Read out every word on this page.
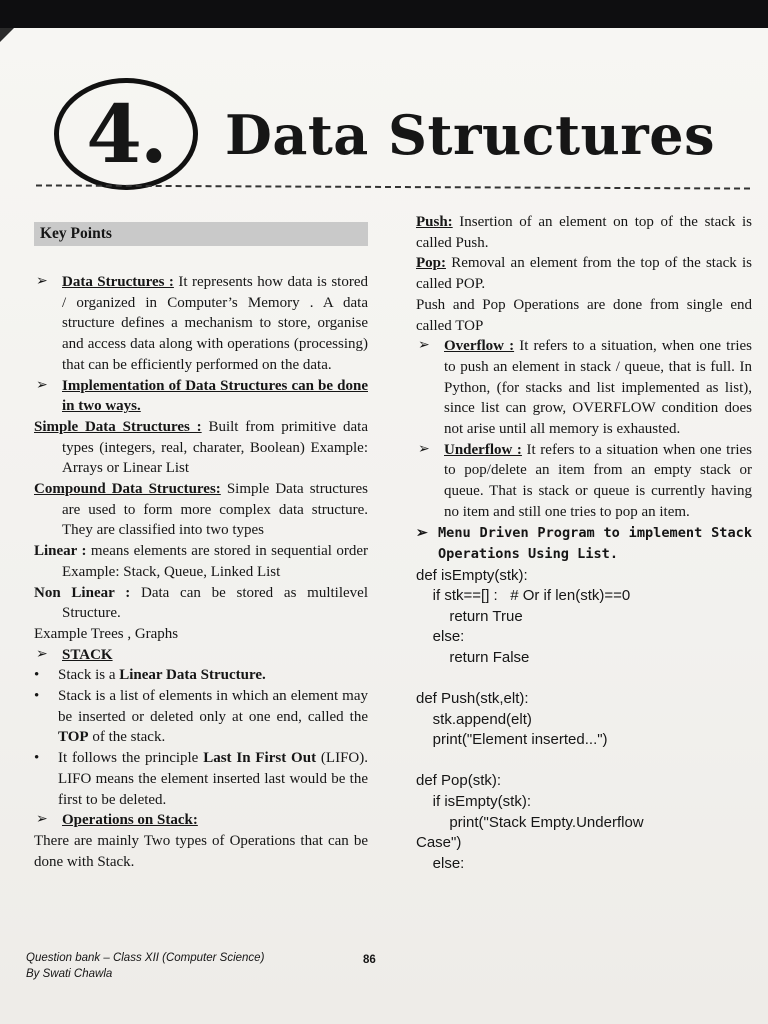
4. Data Structures
Key Points
➢ Data Structures : It represents how data is stored / organized in Computer’s Memory . A data structure defines a mechanism to store, organise and access data along with operations (processing) that can be efficiently performed on the data.
➢ Implementation of Data Structures can be done in two ways.
Simple Data Structures : Built from primitive data types (integers, real, charater, Boolean) Example: Arrays or Linear List
Compound Data Structures: Simple Data structures are used to form more complex data structure. They are classified into two types
Linear : means elements are stored in sequential order Example: Stack, Queue, Linked List
Non Linear : Data can be stored as multilevel Structure.
Example Trees , Graphs
➢ STACK
• Stack is a Linear Data Structure.
• Stack is a list of elements in which an element may be inserted or deleted only at one end, called the TOP of the stack.
• It follows the principle Last In First Out (LIFO). LIFO means the element inserted last would be the first to be deleted.
➢ Operations on Stack:
There are mainly Two types of Operations that can be done with Stack.
Push: Insertion of an element on top of the stack is called Push.
Pop: Removal an element from the top of the stack is called POP.
Push and Pop Operations are done from single end called TOP
➢ Overflow : It refers to a situation, when one tries to push an element in stack / queue, that is full. In Python, (for stacks and list implemented as list), since list can grow, OVERFLOW condition does not arise until all memory is exhausted.
➢ Underflow : It refers to a situation when one tries to pop/delete an item from an empty stack or queue. That is stack or queue is currently having no item and still one tries to pop an item.
➢ Menu Driven Program to implement Stack Operations Using List.
def isEmpty(stk):
if stk==[] :   # Or if len(stk)==0
return True
else:
return False

def Push(stk,elt):
stk.append(elt)
print("Element inserted...")

def Pop(stk):
if isEmpty(stk):
print("Stack Empty.Underflow
Case")
else:
Question bank – Class XII (Computer Science)
By Swati Chawla
86
